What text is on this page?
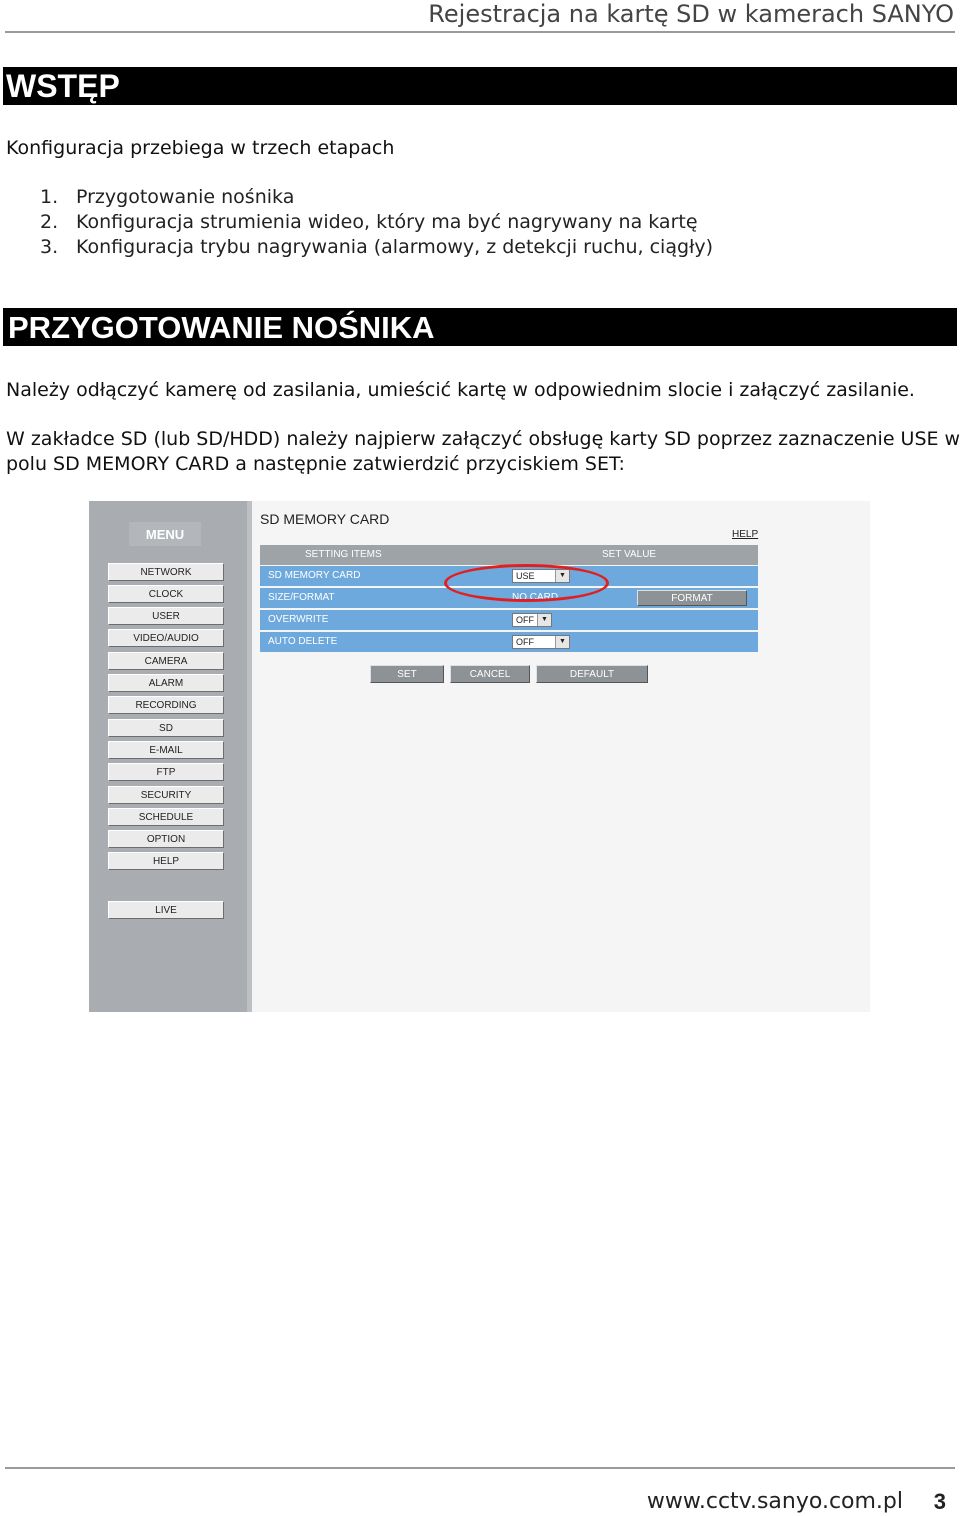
Rejestracja na kartę SD w kamerach SANYO
WSTĘP
Konfiguracja przebiega w trzech etapach
1. Przygotowanie nośnika
2. Konfiguracja strumienia wideo, który ma być nagrywany na kartę
3. Konfiguracja trybu nagrywania (alarmowy, z detekcji ruchu, ciągły)
PRZYGOTOWANIE NOŚNIKA
Należy odłączyć kamerę od zasilania, umieścić kartę w odpowiednim slocie i załączyć zasilanie.
W zakładce SD (lub SD/HDD) należy najpierw załączyć obsługę karty SD poprzez zaznaczenie USE w
polu SD MEMORY CARD a następnie zatwierdzić przyciskiem SET:
MENU
NETWORK
CLOCK
USER
VIDEO/AUDIO
CAMERA
ALARM
RECORDING
SD
E-MAIL
FTP
SECURITY
SCHEDULE
OPTION
HELP
LIVE
SD MEMORY CARD
HELP
SETTING ITEMS	SET VALUE
SD MEMORY CARD	USE	▼
SIZE/FORMAT	NO CARD	FORMAT
OVERWRITE	OFF	▼
AUTO DELETE	OFF	▼
SET	CANCEL	DEFAULT
www.cctv.sanyo.com.pl 3
